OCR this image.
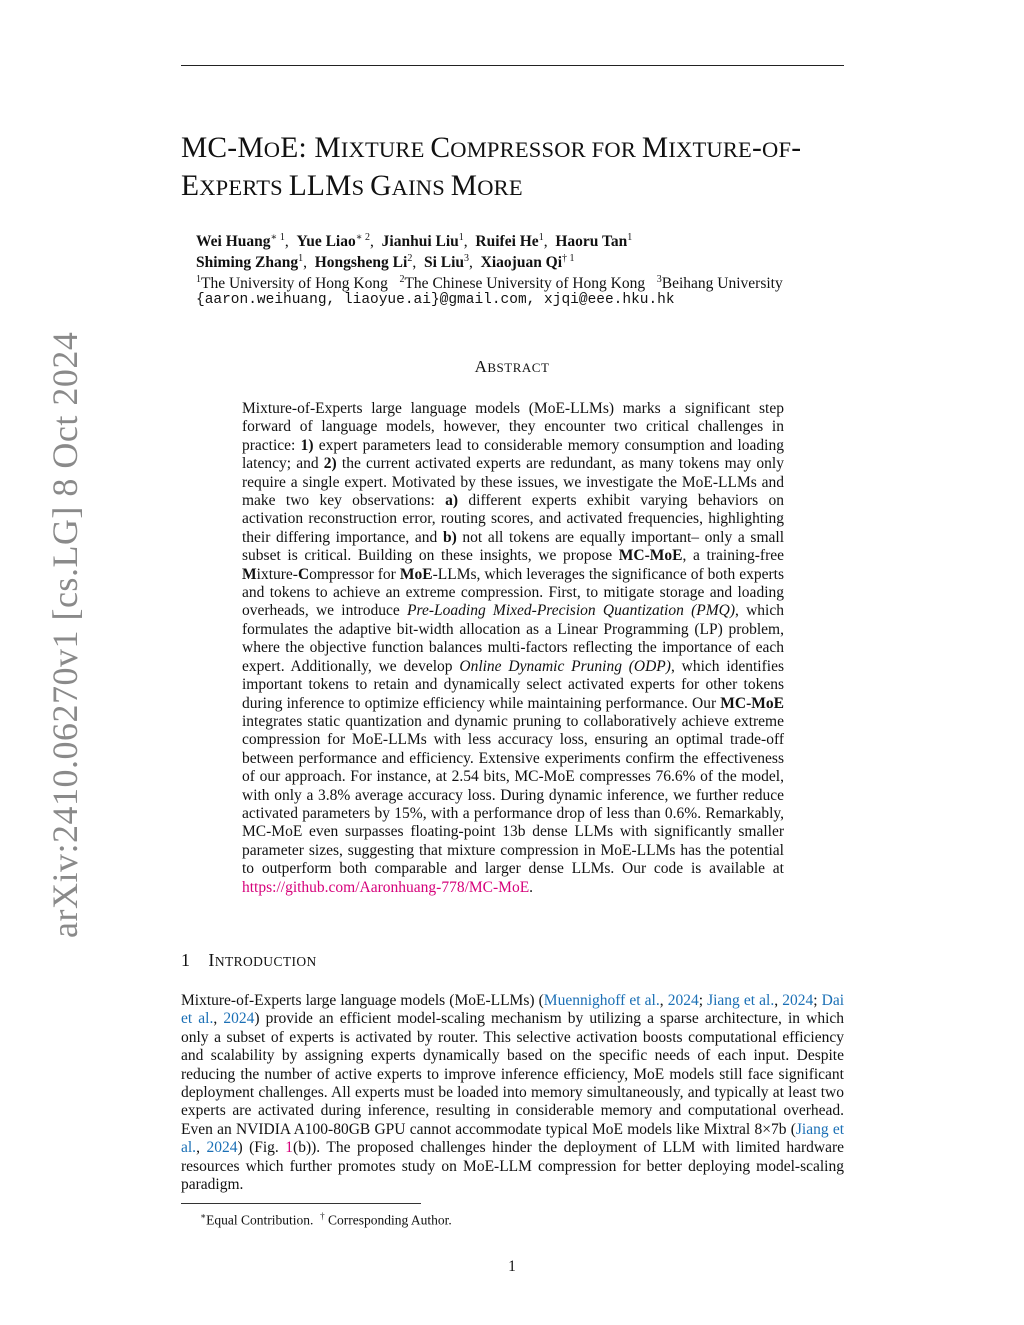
arXiv:2410.06270v1 [cs.LG] 8 Oct 2024
MC-MOE: MIXTURE COMPRESSOR FOR MIXTURE-OF-
EXPERTS LLMS GAINS MORE
Wei Huang$^{∗ 1}$,  Yue Liao$^{∗ 2}$,  Jianhui Liu$^1$,  Ruifei He$^1$,  Haoru Tan$^1$
Shiming Zhang$^1$,  Hongsheng Li$^2$,  Si Liu$^3$,  Xiaojuan Qi$^{\dagger 1}$
$^1$The University of Hong Kong $^2$The Chinese University of Hong Kong $^3$Beihang University
{aaron.weihuang, liaoyue.ai}@gmail.com, xjqi@eee.hku.hk
ABSTRACT
Mixture-of-Experts large language models (MoE-LLMs) marks a significant step forward of language models, however, they encounter two critical challenges in practice: 1) expert parameters lead to considerable memory consumption and loading latency; and 2) the current activated experts are redundant, as many tokens may only require a single expert. Motivated by these issues, we investigate the MoE-LLMs and make two key observations: a) different experts exhibit varying behaviors on activation reconstruction error, routing scores, and activated frequencies, highlighting their differing importance, and b) not all tokens are equally important– only a small subset is critical. Building on these insights, we propose MC-MoE, a training-free Mixture-Compressor for MoE-LLMs, which leverages the significance of both experts and tokens to achieve an extreme compression. First, to mitigate storage and loading overheads, we introduce Pre-Loading Mixed-Precision Quantization (PMQ), which formulates the adaptive bit-width allocation as a Linear Programming (LP) problem, where the objective function balances multi-factors reflecting the importance of each expert. Additionally, we develop Online Dynamic Pruning (ODP), which identifies important tokens to retain and dynamically select activated experts for other tokens during inference to optimize efficiency while maintaining performance. Our MC-MoE integrates static quantization and dynamic pruning to collaboratively achieve extreme compression for MoE-LLMs with less accuracy loss, ensuring an optimal trade-off between performance and efficiency. Extensive experiments confirm the effectiveness of our approach. For instance, at 2.54 bits, MC-MoE compresses 76.6% of the model, with only a 3.8% average accuracy loss. During dynamic inference, we further reduce activated parameters by 15%, with a performance drop of less than 0.6%. Remarkably, MC-MoE even surpasses floating-point 13b dense LLMs with significantly smaller parameter sizes, suggesting that mixture compression in MoE-LLMs has the potential to outperform both comparable and larger dense LLMs. Our code is available at https://github.com/Aaronhuang-778/MC-MoE.
1 INTRODUCTION
Mixture-of-Experts large language models (MoE-LLMs) (Muennighoff et al., 2024; Jiang et al., 2024; Dai et al., 2024) provide an efficient model-scaling mechanism by utilizing a sparse architecture, in which only a subset of experts is activated by router. This selective activation boosts computational efficiency and scalability by assigning experts dynamically based on the specific needs of each input. Despite reducing the number of active experts to improve inference efficiency, MoE models still face significant deployment challenges. All experts must be loaded into memory simultaneously, and typically at least two experts are activated during inference, resulting in considerable memory and computational overhead. Even an NVIDIA A100-80GB GPU cannot accommodate typical MoE models like Mixtral 8×7b (Jiang et al., 2024) (Fig. 1(b)). The proposed challenges hinder the deployment of LLM with limited hardware resources which further promotes study on MoE-LLM compression for better deploying model-scaling paradigm.
∗Equal Contribution. † Corresponding Author.
1
